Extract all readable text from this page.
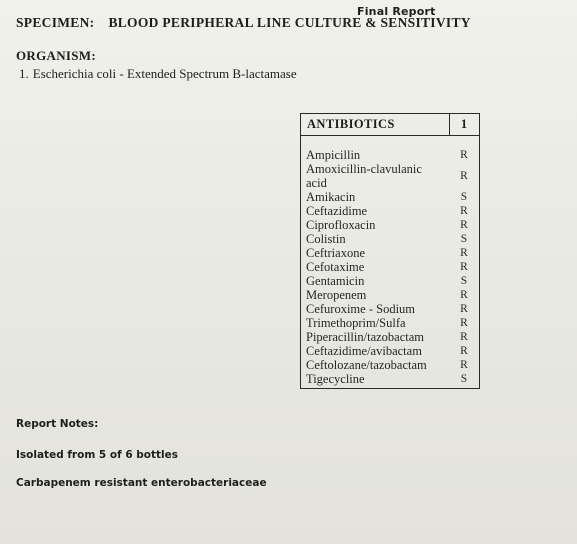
Final Report
SPECIMEN: BLOOD PERIPHERAL LINE CULTURE & SENSITIVITY
ORGANISM:
1. Escherichia coli - Extended Spectrum B-lactamase
ANTIBIOTICS	1

Ampicillin	R
Amoxicillin-clavulanic acid	R
Amikacin	S
Ceftazidime	R
Ciprofloxacin	R
Colistin	S
Ceftriaxone	R
Cefotaxime	R
Gentamicin	S
Meropenem	R
Cefuroxime - Sodium	R
Trimethoprim/Sulfa	R
Piperacillin/tazobactam	R
Ceftazidime/avibactam	R
Ceftolozane/tazobactam	R
Tigecycline	S
Report Notes:
Isolated from 5 of 6 bottles
Carbapenem resistant enterobacteriaceae
